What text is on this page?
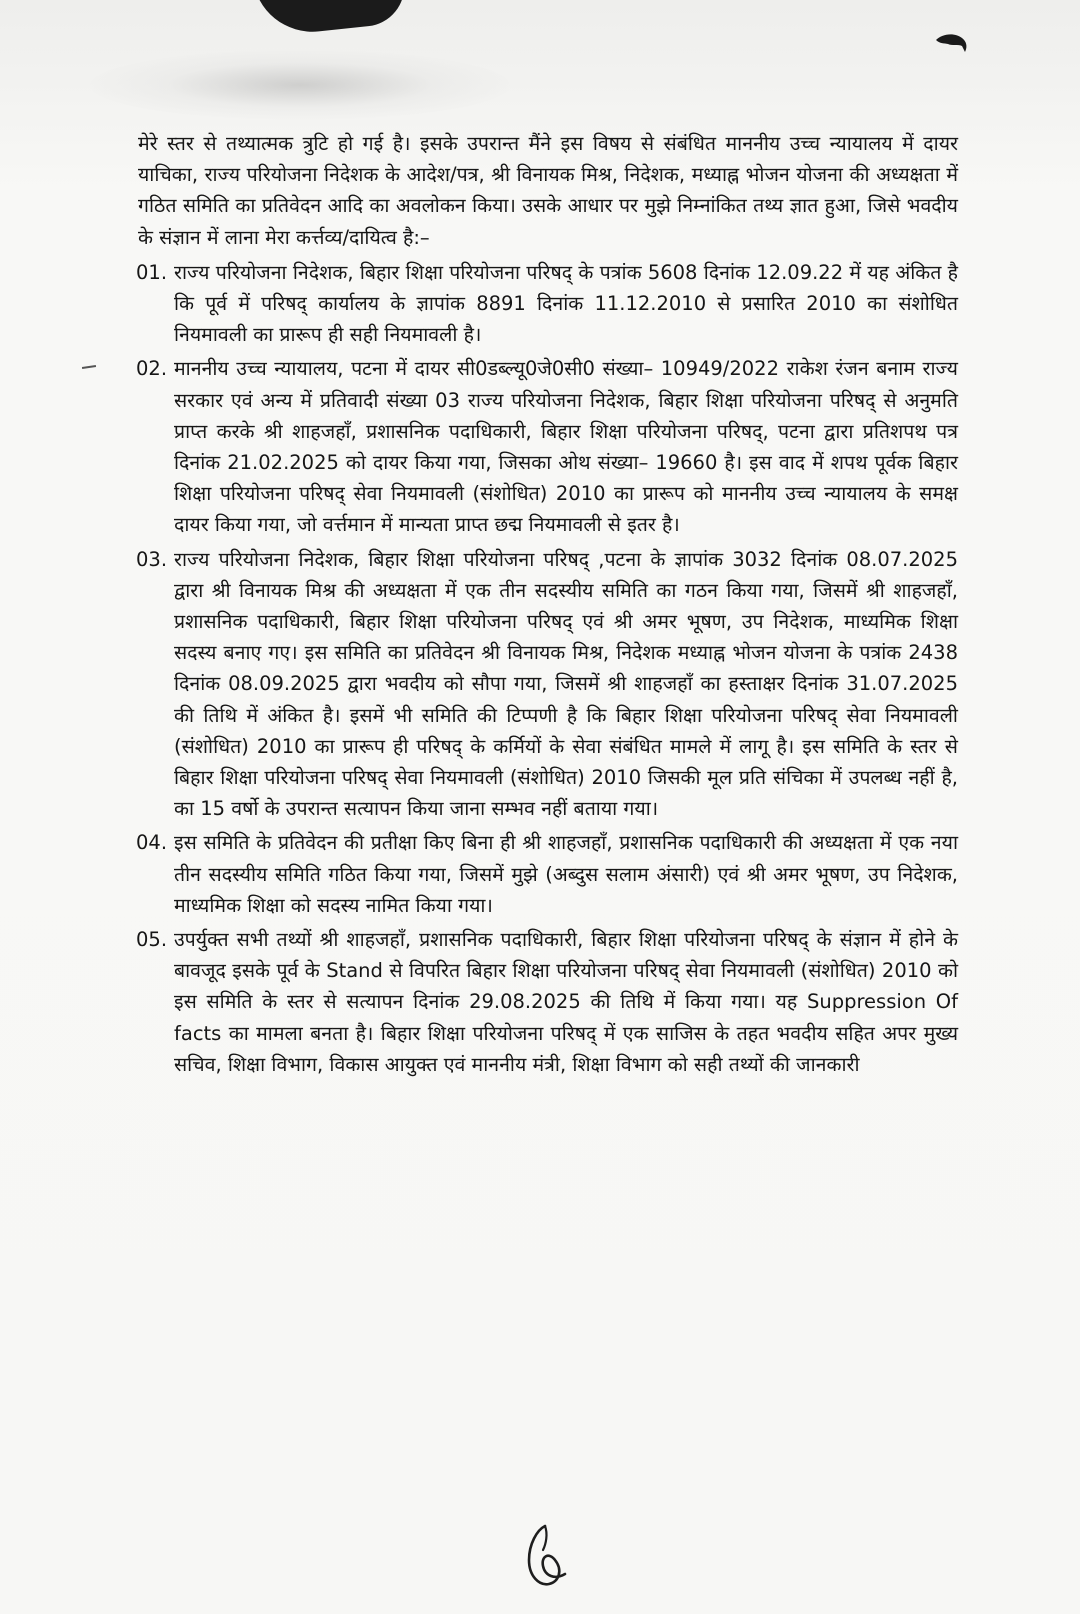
मेरे स्तर से तथ्यात्मक त्रुटि हो गई है। इसके उपरान्त मैंने इस विषय से संबंधित माननीय उच्च न्यायालय में दायर याचिका, राज्य परियोजना निदेशक के आदेश/पत्र, श्री विनायक मिश्र, निदेशक, मध्याह्न भोजन योजना की अध्यक्षता में गठित समिति का प्रतिवेदन आदि का अवलोकन किया। उसके आधार पर मुझे निम्नांकित तथ्य ज्ञात हुआ, जिसे भवदीय के संज्ञान में लाना मेरा कर्त्तव्य/दायित्व है:–

01. राज्य परियोजना निदेशक, बिहार शिक्षा परियोजना परिषद् के पत्रांक 5608 दिनांक 12.09.22 में यह अंकित है कि पूर्व में परिषद् कार्यालय के ज्ञापांक 8891 दिनांक 11.12.2010 से प्रसारित 2010 का संशोधित नियमावली का प्रारूप ही सही नियमावली है।
02. माननीय उच्च न्यायालय, पटना में दायर सी0डब्ल्यू0जे0सी0 संख्या– 10949/2022 राकेश रंजन बनाम राज्य सरकार एवं अन्य में प्रतिवादी संख्या 03 राज्य परियोजना निदेशक, बिहार शिक्षा परियोजना परिषद् से अनुमति प्राप्त करके श्री शाहजहाँ, प्रशासनिक पदाधिकारी, बिहार शिक्षा परियोजना परिषद्, पटना द्वारा प्रतिशपथ पत्र दिनांक 21.02.2025 को दायर किया गया, जिसका ओथ संख्या– 19660 है। इस वाद में शपथ पूर्वक बिहार शिक्षा परियोजना परिषद् सेवा नियमावली (संशोधित) 2010 का प्रारूप को माननीय उच्च न्यायालय के समक्ष दायर किया गया, जो वर्त्तमान में मान्यता प्राप्त छद्म नियमावली से इतर है।
03. राज्य परियोजना निदेशक, बिहार शिक्षा परियोजना परिषद् ,पटना के ज्ञापांक 3032 दिनांक 08.07.2025 द्वारा श्री विनायक मिश्र की अध्यक्षता में एक तीन सदस्यीय समिति का गठन किया गया, जिसमें श्री शाहजहाँ, प्रशासनिक पदाधिकारी, बिहार शिक्षा परियोजना परिषद् एवं श्री अमर भूषण, उप निदेशक, माध्यमिक शिक्षा सदस्य बनाए गए। इस समिति का प्रतिवेदन श्री विनायक मिश्र, निदेशक मध्याह्न भोजन योजना के पत्रांक 2438 दिनांक 08.09.2025 द्वारा भवदीय को सौपा गया, जिसमें श्री शाहजहाँ का हस्ताक्षर दिनांक 31.07.2025 की तिथि में अंकित है। इसमें भी समिति की टिप्पणी है कि बिहार शिक्षा परियोजना परिषद् सेवा नियमावली (संशोधित) 2010 का प्रारूप ही परिषद् के कर्मियों के सेवा संबंधित मामले में लागू है। इस समिति के स्तर से बिहार शिक्षा परियोजना परिषद् सेवा नियमावली (संशोधित) 2010 जिसकी मूल प्रति संचिका में उपलब्ध नहीं है, का 15 वर्षो के उपरान्त सत्यापन किया जाना सम्भव नहीं बताया गया।
04. इस समिति के प्रतिवेदन की प्रतीक्षा किए बिना ही श्री शाहजहाँ, प्रशासनिक पदाधिकारी की अध्यक्षता में एक नया तीन सदस्यीय समिति गठित किया गया, जिसमें मुझे (अब्दुस सलाम अंसारी) एवं श्री अमर भूषण, उप निदेशक, माध्यमिक शिक्षा को सदस्य नामित किया गया।
05. उपर्युक्त सभी तथ्यों श्री शाहजहाँ, प्रशासनिक पदाधिकारी, बिहार शिक्षा परियोजना परिषद् के संज्ञान में होने के बावजूद इसके पूर्व के Stand से विपरित बिहार शिक्षा परियोजना परिषद् सेवा नियमावली (संशोधित) 2010 को इस समिति के स्तर से सत्यापन दिनांक 29.08.2025 की तिथि में किया गया। यह Suppression Of facts का मामला बनता है। बिहार शिक्षा परियोजना परिषद् में एक साजिस के तहत भवदीय सहित अपर मुख्य सचिव, शिक्षा विभाग, विकास आयुक्त एवं माननीय मंत्री, शिक्षा विभाग को सही तथ्यों की जानकारी
